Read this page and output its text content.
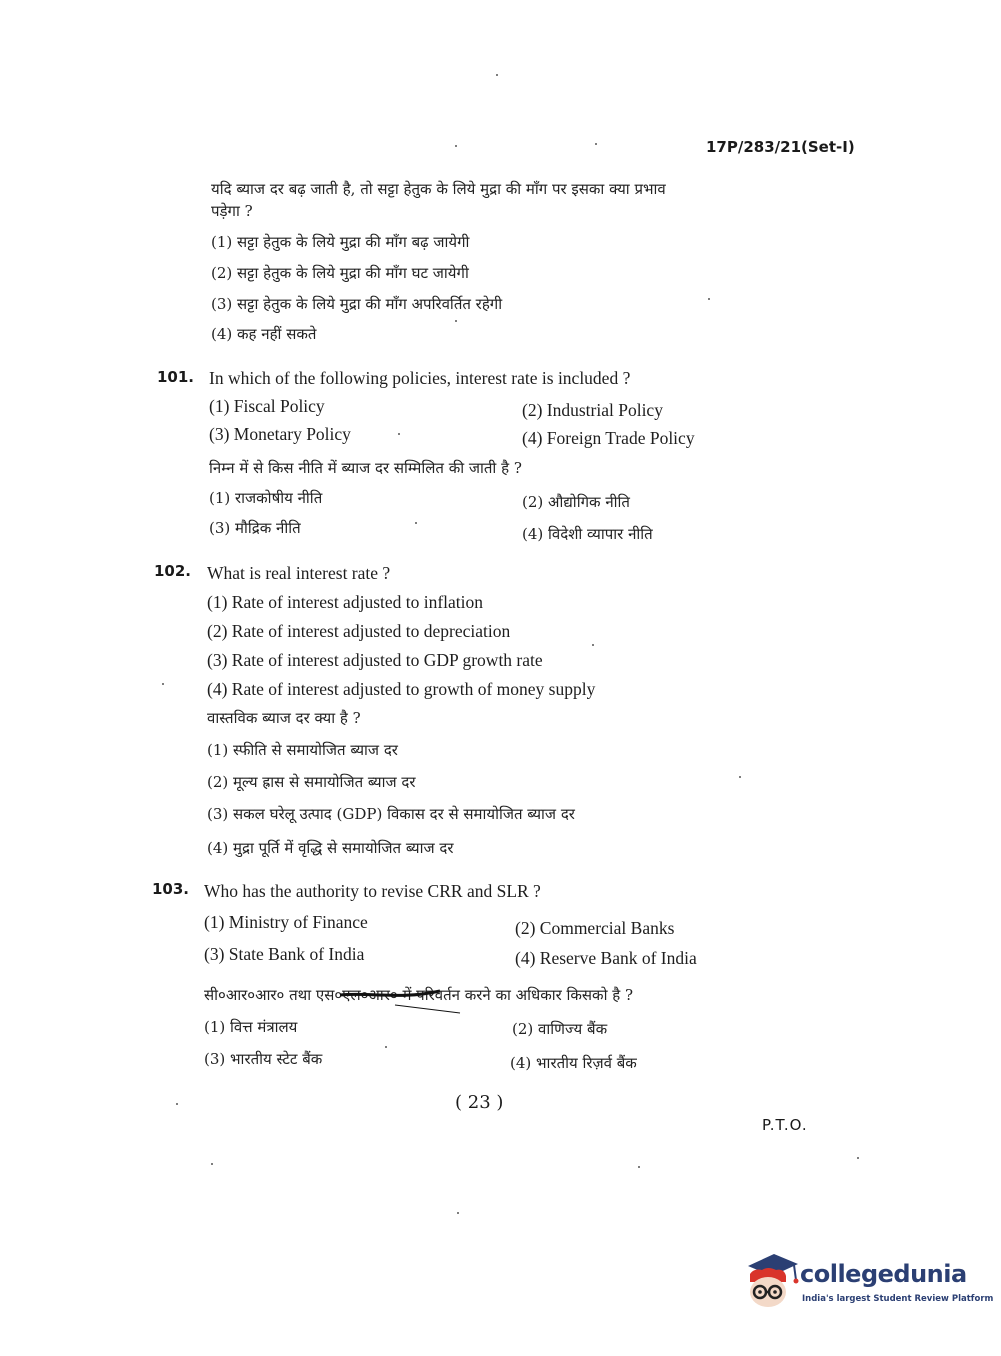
17P/283/21(Set-I)
यदि ब्याज दर बढ़ जाती है, तो सट्टा हेतुक के लिये मुद्रा की माँग पर इसका क्या प्रभाव
पड़ेगा ?
(1) सट्टा हेतुक के लिये मुद्रा की माँग बढ़ जायेगी
(2) सट्टा हेतुक के लिये मुद्रा की माँग घट जायेगी
(3) सट्टा हेतुक के लिये मुद्रा की माँग अपरिवर्तित रहेगी
(4) कह नहीं सकते
101. In which of the following policies, interest rate is included ?
(1) Fiscal Policy	(2) Industrial Policy
(3) Monetary Policy	(4) Foreign Trade Policy
निम्न में से किस नीति में ब्याज दर सम्मिलित की जाती है ?
(1) राजकोषीय नीति	(2) औद्योगिक नीति
(3) मौद्रिक नीति	(4) विदेशी व्यापार नीति
102. What is real interest rate ?
(1) Rate of interest adjusted to inflation
(2) Rate of interest adjusted to depreciation
(3) Rate of interest adjusted to GDP growth rate
(4) Rate of interest adjusted to growth of money supply
वास्तविक ब्याज दर क्या है ?
(1) स्फीति से समायोजित ब्याज दर
(2) मूल्य ह्रास से समायोजित ब्याज दर
(3) सकल घरेलू उत्पाद (GDP) विकास दर से समायोजित ब्याज दर
(4) मुद्रा पूर्ति में वृद्धि से समायोजित ब्याज दर
103. Who has the authority to revise CRR and SLR ?
(1) Ministry of Finance	(2) Commercial Banks
(3) State Bank of India	(4) Reserve Bank of India
सी०आर०आर० तथा एस०एल०आर० में परिवर्तन करने का अधिकार किसको है ?
(1) वित्त मंत्रालय	(2) वाणिज्य बैंक
(3) भारतीय स्टेट बैंक	(4) भारतीय रिज़र्व बैंक
( 23 )
P.T.O.
collegedunia
India's largest Student Review Platform
